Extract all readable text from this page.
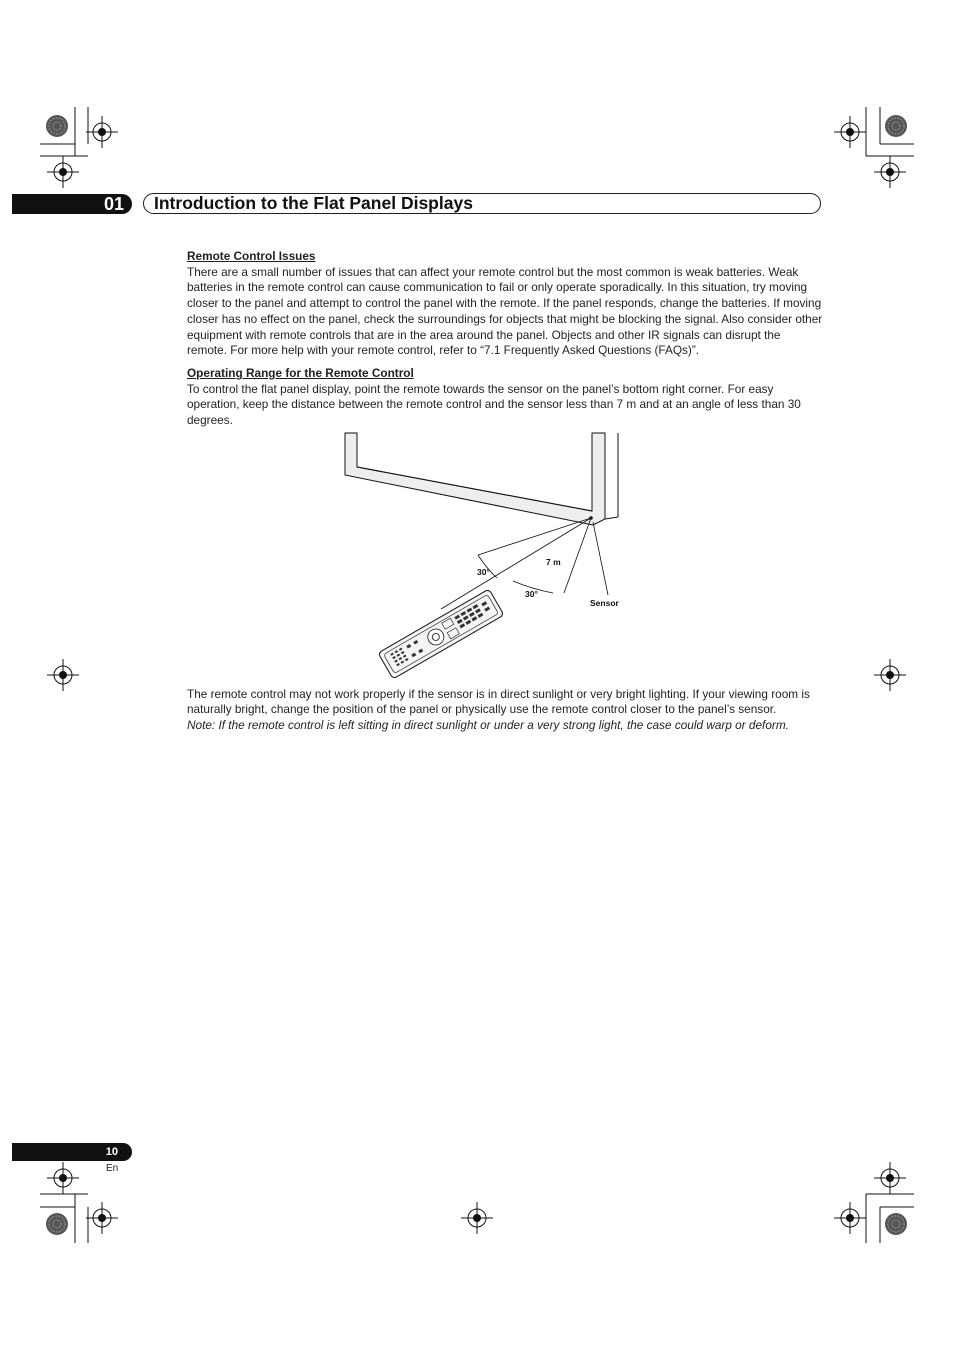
01	Introduction to the Flat Panel Displays
Remote Control Issues

There are a small number of issues that can affect your remote control but the most common is weak batteries. Weak batteries in the remote control can cause communication to fail or only operate sporadically. In this situation, try moving closer to the panel and attempt to control the panel with the remote. If the panel responds, change the batteries. If moving closer has no effect on the panel, check the surroundings for objects that might be blocking the signal. Also consider other equipment with remote controls that are in the area around the panel. Objects and other IR signals can disrupt the remote. For more help with your remote control, refer to “7.1 Frequently Asked Questions (FAQs)”.

Operating Range for the Remote Control

To control the flat panel display, point the remote towards the sensor on the panel’s bottom right corner. For easy operation, keep the distance between the remote control and the sensor less than 7 m and at an angle of less than 30 degrees.

30°
7 m
30°
Sensor

The remote control may not work properly if the sensor is in direct sunlight or very bright lighting. If your viewing room is naturally bright, change the position of the panel or physically use the remote control closer to the panel’s sensor.

Note: If the remote control is left sitting in direct sunlight or under a very strong light, the case could warp or deform.

10
En
